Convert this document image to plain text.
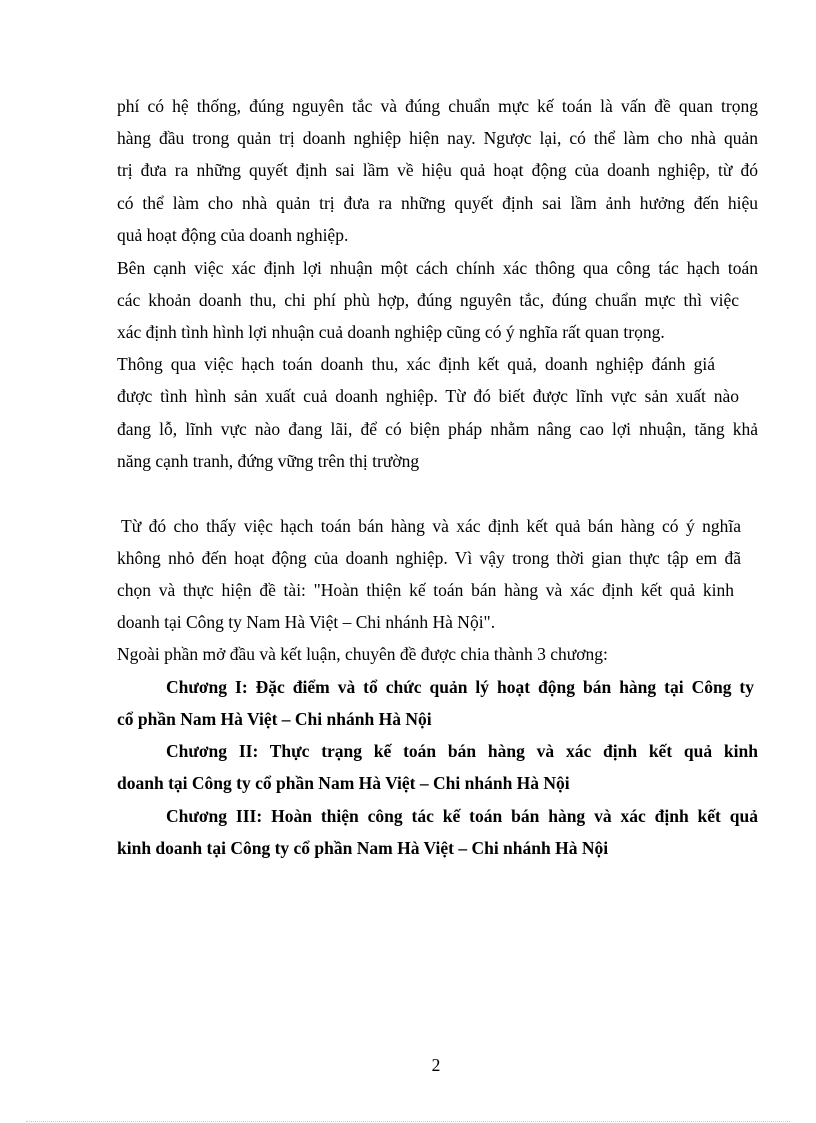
phí có hệ thống, đúng nguyên tắc và đúng chuẩn mực kế toán là vấn đề quan trọng
hàng đầu trong quản trị doanh nghiệp hiện nay. Ngược lại, có thể làm cho nhà quản
trị đưa ra những quyết định sai lầm về hiệu quả hoạt động của doanh nghiệp, từ đó
có thể làm cho nhà quản trị đưa ra những quyết định sai lầm ảnh hưởng đến hiệu
quả hoạt động của doanh nghiệp.
Bên cạnh việc xác định lợi nhuận một cách chính xác thông qua công tác hạch toán
các khoản doanh thu, chi phí phù hợp, đúng nguyên tắc, đúng chuẩn mực thì việc
xác định tình hình lợi nhuận cuả doanh nghiệp cũng có ý nghĩa rất quan trọng.
Thông qua việc hạch toán doanh thu, xác định kết quả, doanh nghiệp đánh giá
được tình hình sản xuất cuả doanh nghiệp. Từ đó biết được lĩnh vực sản xuất nào
đang lỗ, lĩnh vực nào đang lãi, để có biện pháp nhằm nâng cao lợi nhuận, tăng khả
năng cạnh tranh, đứng vững trên thị trường
Từ đó cho thấy việc hạch toán bán hàng và xác định kết quả bán hàng có ý nghĩa
không nhỏ đến hoạt động của doanh nghiệp. Vì vậy trong thời gian thực tập em đã
chọn và thực hiện đề tài: "Hoàn thiện kế toán bán hàng và xác định kết quả kinh
doanh tại Công ty Nam Hà Việt – Chi nhánh Hà Nội".
Ngoài phần mở đầu và kết luận, chuyên đề được chia thành 3 chương:
Chương I: Đặc điểm và tổ chức quản lý hoạt động bán hàng tại Công ty
cổ phần Nam Hà Việt – Chi nhánh Hà Nội
Chương II: Thực trạng kế toán bán hàng và xác định kết quả kinh
doanh tại Công ty cổ phần Nam Hà Việt – Chi nhánh Hà Nội
Chương III: Hoàn thiện công tác kế toán bán hàng và xác định kết quả
kinh doanh tại Công ty cổ phần Nam Hà Việt – Chi nhánh Hà Nội
2
